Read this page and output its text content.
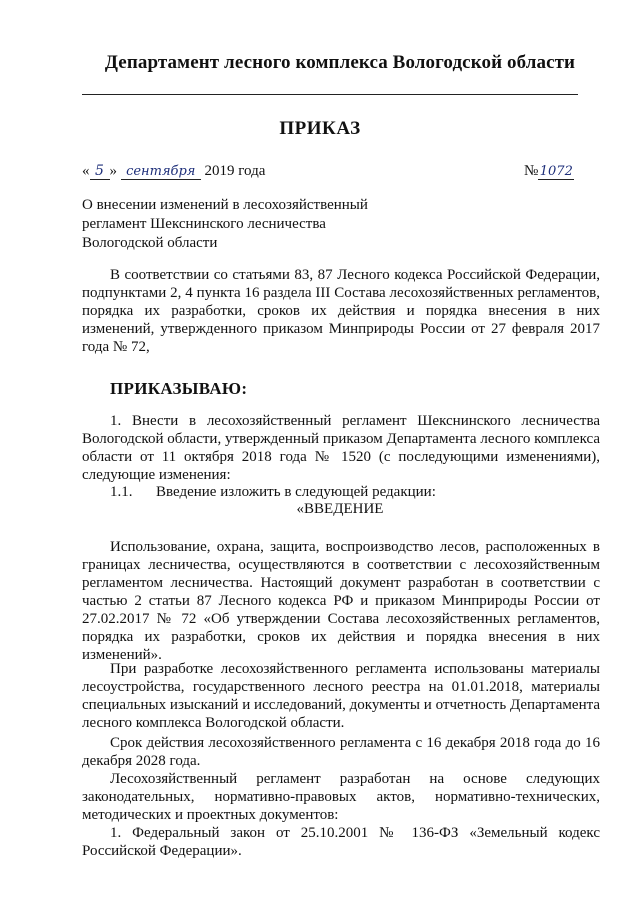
Департамент лесного комплекса Вологодской области
ПРИКАЗ
« 5 » сентября 2019 года	№1072
О внесении изменений в лесохозяйственный
регламент Шекснинского лесничества
Вологодской области
В соответствии со статьями 83, 87 Лесного кодекса Российской Федерации, подпунктами 2, 4 пункта 16 раздела III Состава лесохозяйственных регламентов, порядка их разработки, сроков их действия и порядка внесения в них изменений, утвержденного приказом Минприроды России от 27 февраля 2017 года № 72,
ПРИКАЗЫВАЮ:
1. Внести в лесохозяйственный регламент Шекснинского лесничества Вологодской области, утвержденный приказом Департамента лесного комплекса области от 11 октября 2018 года № 1520 (с последующими изменениями), следующие изменения:
1.1. Введение изложить в следующей редакции:
«ВВЕДЕНИЕ
Использование, охрана, защита, воспроизводство лесов, расположенных в границах лесничества, осуществляются в соответствии с лесохозяйственным регламентом лесничества. Настоящий документ разработан в соответствии с частью 2 статьи 87 Лесного кодекса РФ и приказом Минприроды России от 27.02.2017 № 72 «Об утверждении Состава лесохозяйственных регламентов, порядка их разработки, сроков их действия и порядка внесения в них изменений».
При разработке лесохозяйственного регламента использованы материалы лесоустройства, государственного лесного реестра на 01.01.2018, материалы специальных изысканий и исследований, документы и отчетность Департамента лесного комплекса Вологодской области.
Срок действия лесохозяйственного регламента с 16 декабря 2018 года до 16 декабря 2028 года.
Лесохозяйственный регламент разработан на основе следующих законодательных, нормативно-правовых актов, нормативно-технических, методических и проектных документов:
1. Федеральный закон от 25.10.2001 № 136-ФЗ «Земельный кодекс Российской Федерации».
